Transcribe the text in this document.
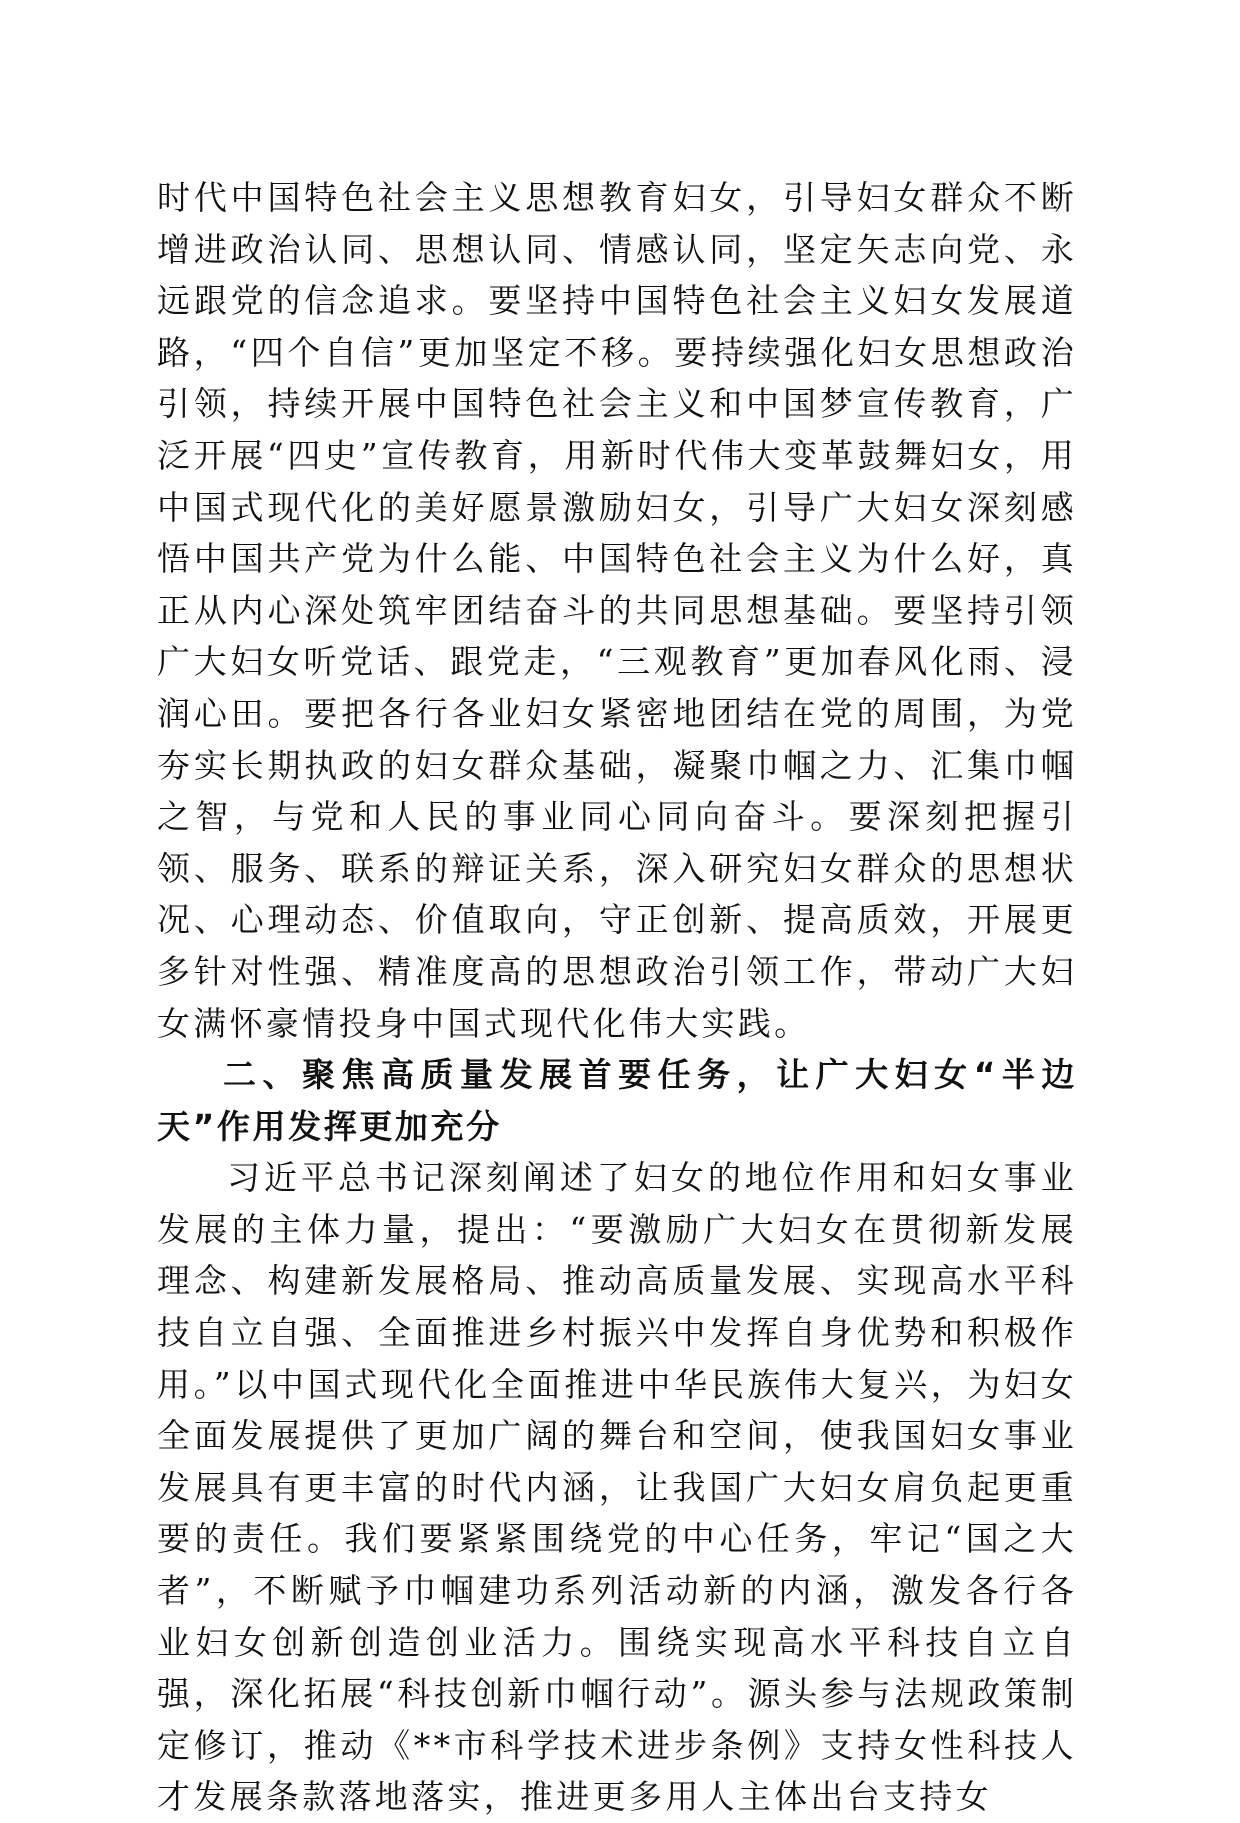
时代中国特色社会主义思想教育妇女，引导妇女群众不断增进政治认同、思想认同、情感认同，坚定矢志向党、永远跟党的信念追求。要坚持中国特色社会主义妇女发展道路，“四个自信”更加坚定不移。要持续强化妇女思想政治引领，持续开展中国特色社会主义和中国梦宣传教育，广泛开展“四史”宣传教育，用新时代伟大变革鼓舞妇女，用中国式现代化的美好愿景激励妇女，引导广大妇女深刻感悟中国共产党为什么能、中国特色社会主义为什么好，真正从内心深处筑牢团结奋斗的共同思想基础。要坚持引领广大妇女听党话、跟党走，“三观教育”更加春风化雨、浸润心田。要把各行各业妇女紧密地团结在党的周围，为党夯实长期执政的妇女群众基础，凝聚巾帼之力、汇集巾帼之智，与党和人民的事业同心同向奋斗。要深刻把握引领、服务、联系的辩证关系，深入研究妇女群众的思想状况、心理动态、价值取向，守正创新、提高质效，开展更多针对性强、精准度高的思想政治引领工作，带动广大妇女满怀豪情投身中国式现代化伟大实践。

二、聚焦高质量发展首要任务，让广大妇女“半边天”作用发挥更加充分

习近平总书记深刻阐述了妇女的地位作用和妇女事业发展的主体力量，提出：“要激励广大妇女在贯彻新发展理念、构建新发展格局、推动高质量发展、实现高水平科技自立自强、全面推进乡村振兴中发挥自身优势和积极作用。”以中国式现代化全面推进中华民族伟大复兴，为妇女全面发展提供了更加广阔的舞台和空间，使我国妇女事业发展具有更丰富的时代内涵，让我国广大妇女肩负起更重要的责任。我们要紧紧围绕党的中心任务，牢记“国之大者”，不断赋予巾帼建功系列活动新的内涵，激发各行各业妇女创新创造创业活力。围绕实现高水平科技自立自强，深化拓展“科技创新巾帼行动”。源头参与法规政策制定修订，推动《**市科学技术进步条例》支持女性科技人才发展条款落地落实，推进更多用人主体出台支持女
